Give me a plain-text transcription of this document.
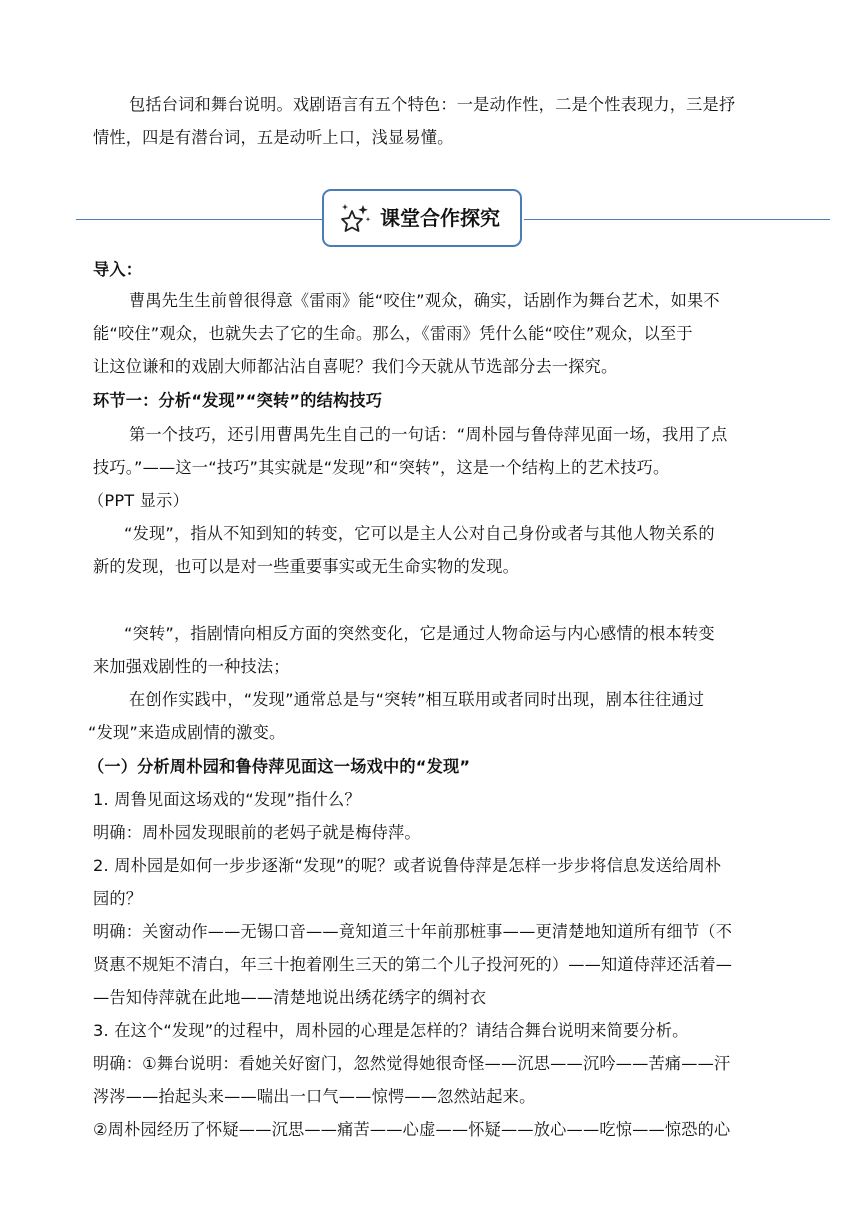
包括台词和舞台说明。戏剧语言有五个特色：一是动作性，二是个性表现力，三是抒
情性，四是有潜台词，五是动听上口，浅显易懂。
课堂合作探究
导入：
曹禺先生生前曾很得意《雷雨》能“咬住”观众，确实，话剧作为舞台艺术，如果不
能“咬住”观众，也就失去了它的生命。那么，《雷雨》凭什么能“咬住”观众，以至于
让这位谦和的戏剧大师都沾沾自喜呢？我们今天就从节选部分去一探究。
环节一：分析“发现”“突转”的结构技巧
第一个技巧，还引用曹禺先生自己的一句话：“周朴园与鲁侍萍见面一场，我用了点
技巧。”——这一“技巧”其实就是“发现”和“突转”，这是一个结构上的艺术技巧。
（PPT 显示）
“发现”，指从不知到知的转变，它可以是主人公对自己身份或者与其他人物关系的
新的发现，也可以是对一些重要事实或无生命实物的发现。
“突转”，指剧情向相反方面的突然变化，它是通过人物命运与内心感情的根本转变
来加强戏剧性的一种技法；
在创作实践中，“发现”通常总是与“突转”相互联用或者同时出现，剧本往往通过
“发现”来造成剧情的激变。
（一）分析周朴园和鲁侍萍见面这一场戏中的“发现”
1. 周鲁见面这场戏的“发现”指什么？
明确：周朴园发现眼前的老妈子就是梅侍萍。
2. 周朴园是如何一步步逐渐“发现”的呢？或者说鲁侍萍是怎样一步步将信息发送给周朴
园的？
明确：关窗动作——无锡口音——竟知道三十年前那桩事——更清楚地知道所有细节（不
贤惠不规矩不清白，年三十抱着刚生三天的第二个儿子投河死的）——知道侍萍还活着—
—告知侍萍就在此地——清楚地说出绣花绣字的绸衬衣
3. 在这个“发现”的过程中，周朴园的心理是怎样的？请结合舞台说明来简要分析。
明确：①舞台说明：看她关好窗门，忽然觉得她很奇怪——沉思——沉吟——苦痛——汗
涔涔——抬起头来——喘出一口气——惊愕——忽然站起来。
②周朴园经历了怀疑——沉思——痛苦——心虚——怀疑——放心——吃惊——惊恐的心
